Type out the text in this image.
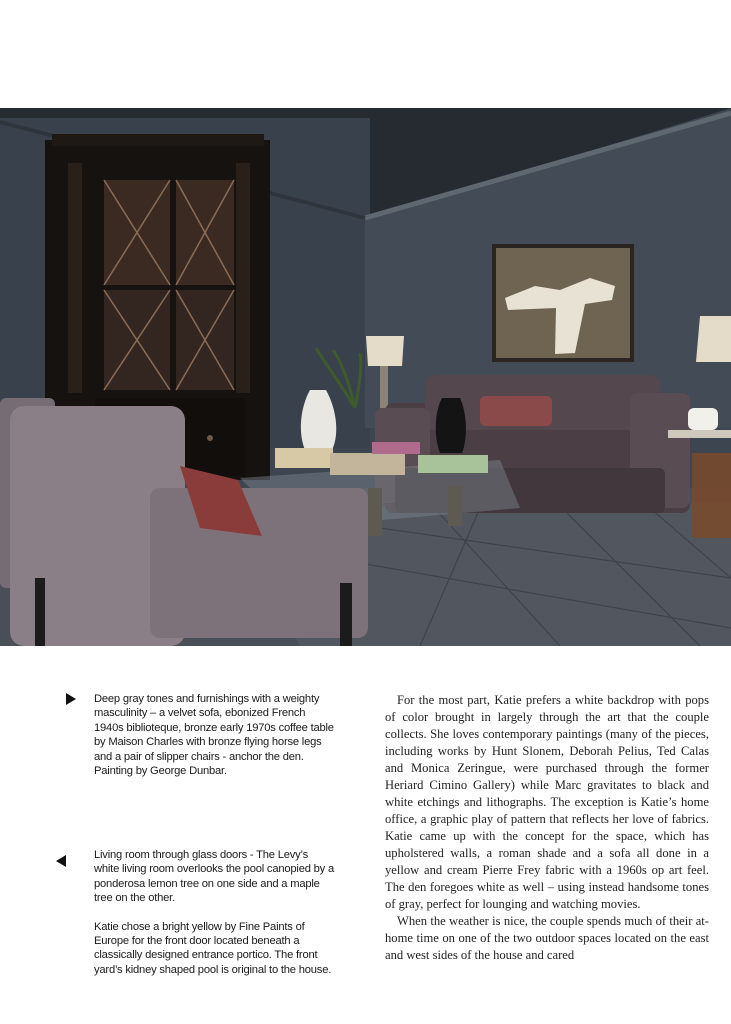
Deep gray tones and furnishings with a weighty masculinity – a velvet sofa, ebonized French 1940s biblioteque, bronze early 1970s coffee table by Maison Charles with bronze flying horse legs and a pair of slipper chairs - anchor the den. Painting by George Dunbar.

Living room through glass doors - The Levy’s white living room overlooks the pool canopied by a ponderosa lemon tree on one side and a maple tree on the other.

Katie chose a bright yellow by Fine Paints of Europe for the front door located beneath a classically designed entrance portico. The front yard’s kidney shaped pool is original to the house.

For the most part, Katie prefers a white backdrop with pops of color brought in largely through the art that the couple collects. She loves contemporary paintings (many of the pieces, including works by Hunt Slonem, Deborah Pelius, Ted Calas and Monica Zeringue, were purchased through the former Heriard Cimino Gallery) while Marc gravitates to black and white etchings and lithographs. The exception is Katie’s home office, a graphic play of pattern that reflects her love of fabrics. Katie came up with the concept for the space, which has upholstered walls, a roman shade and a sofa all done in a yellow and cream Pierre Frey fabric with a 1960s op art feel. The den foregoes white as well – using instead handsome tones of gray, perfect for lounging and watching movies.

When the weather is nice, the couple spends much of their at-home time on one of the two outdoor spaces located on the east and west sides of the house and cared
